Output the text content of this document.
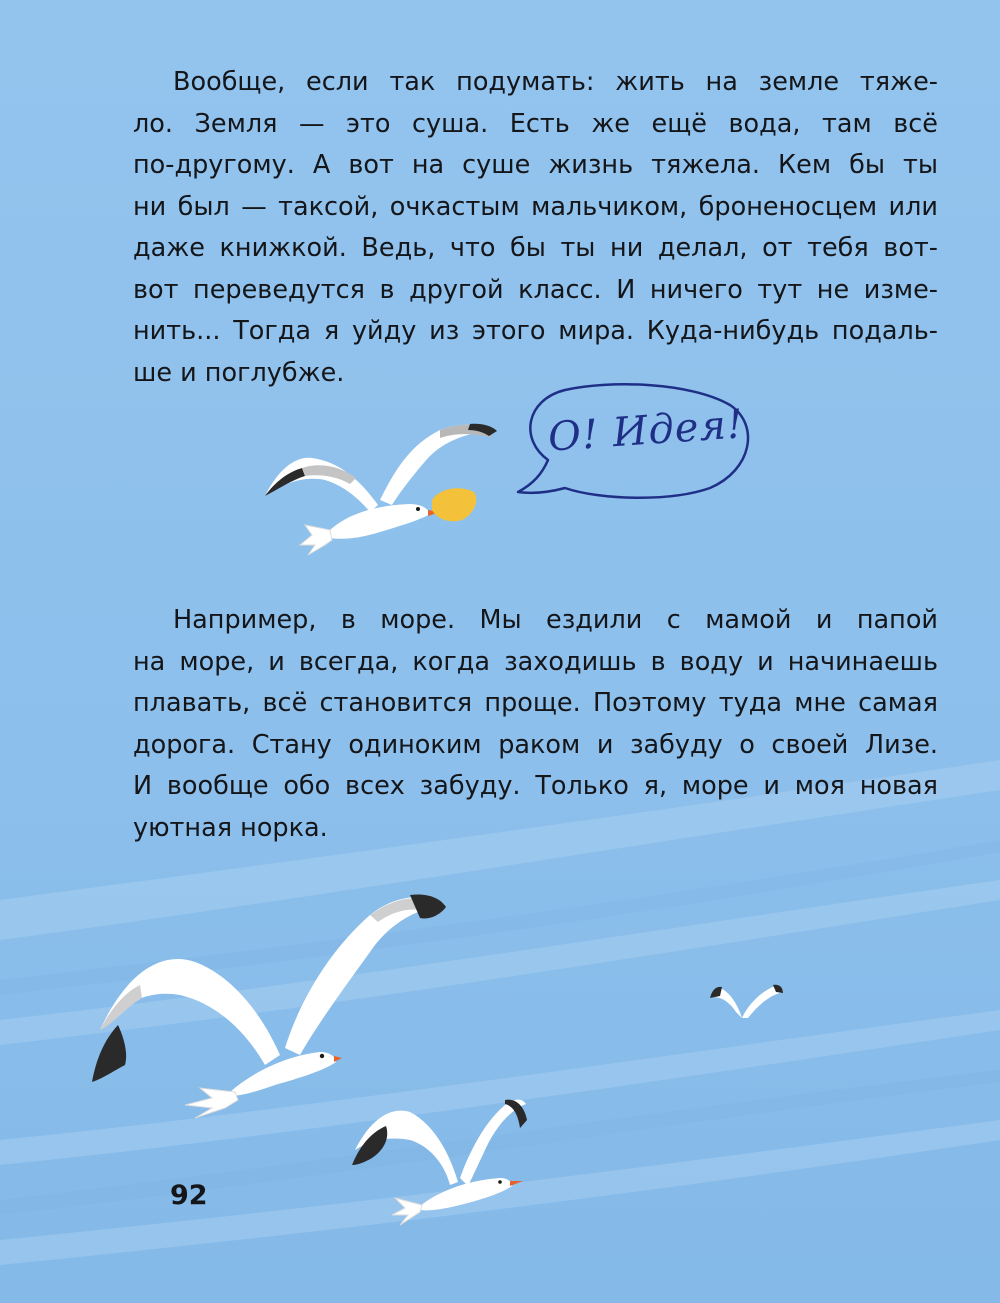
Вообще, если так подумать: жить на земле тяже-
ло. Земля — это суша. Есть же ещё вода, там всё
по-другому. А вот на суше жизнь тяжела. Кем бы ты
ни был — таксой, очкастым мальчиком, броненосцем или
даже книжкой. Ведь, что бы ты ни делал, от тебя вот-
вот переведутся в другой класс. И ничего тут не изме-
нить... Тогда я уйду из этого мира. Куда-нибудь подаль-
ше и поглубже.
О! Идея!
Например, в море. Мы ездили с мамой и папой
на море, и всегда, когда заходишь в воду и начинаешь
плавать, всё становится проще. Поэтому туда мне самая
дорога. Стану одиноким раком и забуду о своей Лизе.
И вообще обо всех забуду. Только я, море и моя новая
уютная норка.
92
